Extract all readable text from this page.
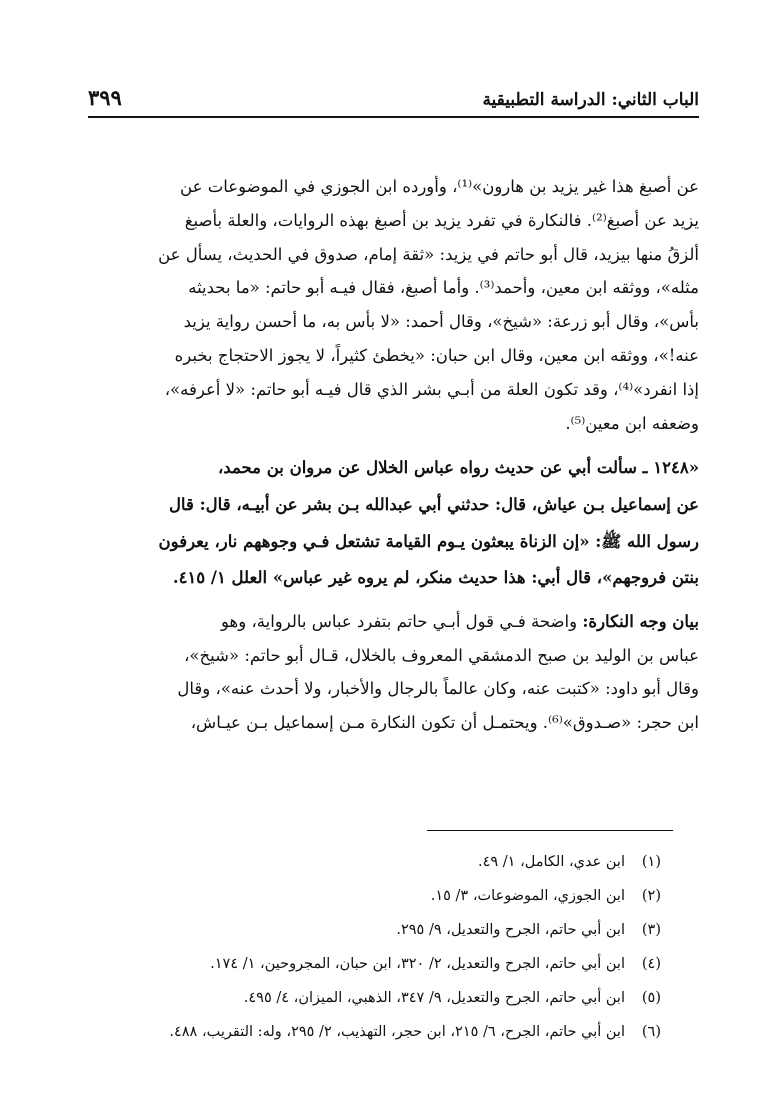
الباب الثاني: الدراسة التطبيقية
٣٩٩

عن أصبغ هذا غير يزيد بن هارون»⁽¹⁾، وأورده ابن الجوزي في الموضوعات عن
يزيد عن أصبغ⁽²⁾. فالنكارة في تفرد يزيد بن أصبغ بهذه الروايات، والعلة بأصبغ
ألزقُ منها بيزيد، قال أبو حاتم في يزيد: «ثقة إمام، صدوق في الحديث، يسأل عن
مثله»، ووثقه ابن معين، وأحمد⁽³⁾. وأما أصبغ، فقال فيـه أبو حاتم: «ما بحديثه
بأس»، وقال أبو زرعة: «شيخ»، وقال أحمد: «لا بأس به، ما أحسن رواية يزيد
عنه!»، ووثقه ابن معين، وقال ابن حبان: «يخطئ كثيراً، لا يجوز الاحتجاج بخبره
إذا انفرد»⁽⁴⁾، وقد تكون العلة من أبـي بشر الذي قال فيـه أبو حاتم: «لا أعرفه»،
وضعفه ابن معين⁽⁵⁾.

«١٢٤٨ ـ سألت أبي عن حديث رواه عباس الخلال عن مروان بن محمد،
عن إسماعيل بـن عياش، قال: حدثني أبي عبدالله بـن بشر عن أبيـه، قال: قال
رسول الله ﷺ: «إن الزناة يبعثون يـوم القيامة تشتعل فـي وجوههم نار، يعرفون
بنتن فروجهم»، قال أبي: هذا حديث منكر، لم يروه غير عباس» العلل ١/ ٤١٥.

بيان وجه النكارة: واضحة فـي قول أبـي حاتم بتفرد عباس بالرواية، وهو
عباس بن الوليد بن صبح الدمشقي المعروف بالخلال، قـال أبو حاتم: «شيخ»،
وقال أبو داود: «كتبت عنه، وكان عالماً بالرجال والأخبار، ولا أحدث عنه»، وقال
ابن حجر: «صـدوق»⁽⁶⁾. ويحتمـل أن تكون النكارة مـن إسماعيل بـن عيـاش،

(١)
ابن عدي، الكامل، ١/ ٤٩.
(٢)
ابن الجوزي، الموضوعات، ٣/ ١٥.
(٣)
ابن أبي حاتم، الجرح والتعديل، ٩/ ٢٩٥.
(٤)
ابن أبي حاتم، الجرح والتعديل، ٢/ ٣٢٠، ابن حبان، المجروحين، ١/ ١٧٤.
(٥)
ابن أبي حاتم، الجرح والتعديل، ٩/ ٣٤٧، الذهبي، الميزان، ٤/ ٤٩٥.
(٦)
ابن أبي حاتم، الجرح، ٦/ ٢١٥، ابن حجر، التهذيب، ٢/ ٢٩٥، وله: التقريب، ٤٨٨.
